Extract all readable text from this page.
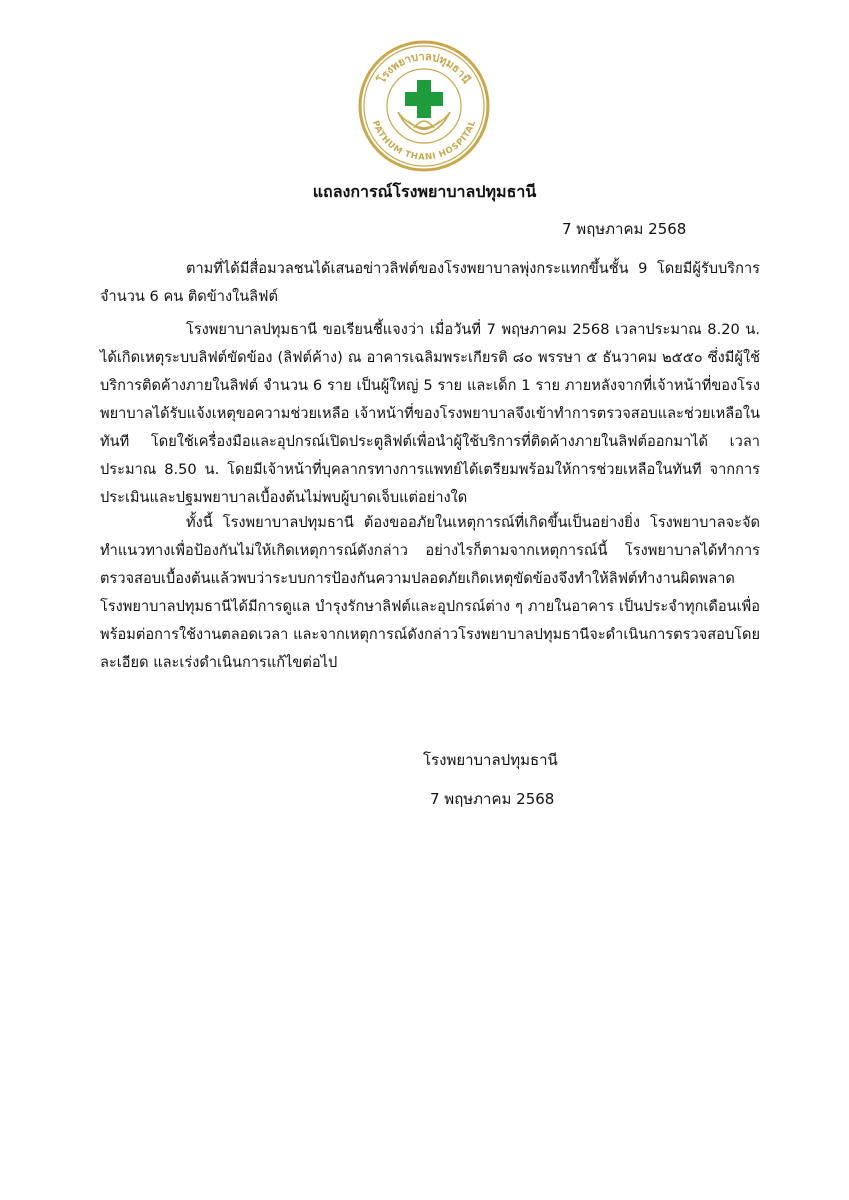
โรงพยาบาลปทุมธานี
PATHUM THANI HOSPITAL
แถลงการณ์โรงพยาบาลปทุมธานี
7 พฤษภาคม 2568

ตามที่ได้มีสื่อมวลชนได้เสนอข่าวลิฟต์ของโรงพยาบาลพุ่งกระแทกขึ้นชั้น 9 โดยมีผู้รับบริการจำนวน 6 คน ติดข้างในลิฟต์

โรงพยาบาลปทุมธานี ขอเรียนชี้แจงว่า เมื่อวันที่ 7 พฤษภาคม 2568 เวลาประมาณ 8.20 น. ได้เกิดเหตุระบบลิฟต์ขัดข้อง (ลิฟต์ค้าง) ณ อาคารเฉลิมพระเกียรติ ๘๐ พรรษา ๕ ธันวาคม ๒๕๕๐ ซึ่งมีผู้ใช้บริการติดค้างภายในลิฟต์ จำนวน 6 ราย เป็นผู้ใหญ่ 5 ราย และเด็ก 1 ราย ภายหลังจากที่เจ้าหน้าที่ของโรงพยาบาลได้รับแจ้งเหตุขอความช่วยเหลือ เจ้าหน้าที่ของโรงพยาบาลจึงเข้าทำการตรวจสอบและช่วยเหลือในทันที โดยใช้เครื่องมือและอุปกรณ์เปิดประตูลิฟต์เพื่อนำผู้ใช้บริการที่ติดค้างภายในลิฟต์ออกมาได้ เวลาประมาณ 8.50 น. โดยมีเจ้าหน้าที่บุคลากรทางการแพทย์ได้เตรียมพร้อมให้การช่วยเหลือในทันที จากการประเมินและปฐมพยาบาลเบื้องต้นไม่พบผู้บาดเจ็บแต่อย่างใด

ทั้งนี้ โรงพยาบาลปทุมธานี ต้องขออภัยในเหตุการณ์ที่เกิดขึ้นเป็นอย่างยิ่ง โรงพยาบาลจะจัดทำแนวทางเพื่อป้องกันไม่ให้เกิดเหตุการณ์ดังกล่าว อย่างไรก็ตามจากเหตุการณ์นี้ โรงพยาบาลได้ทำการตรวจสอบเบื้องต้นแล้วพบว่าระบบการป้องกันความปลอดภัยเกิดเหตุขัดข้องจึงทำให้ลิฟต์ทำงานผิดพลาด โรงพยาบาลปทุมธานีได้มีการดูแล บำรุงรักษาลิฟต์และอุปกรณ์ต่าง ๆ ภายในอาคาร เป็นประจำทุกเดือนเพื่อพร้อมต่อการใช้งานตลอดเวลา และจากเหตุการณ์ดังกล่าวโรงพยาบาลปทุมธานีจะดำเนินการตรวจสอบโดยละเอียด และเร่งดำเนินการแก้ไขต่อไป

โรงพยาบาลปทุมธานี
7 พฤษภาคม 2568
